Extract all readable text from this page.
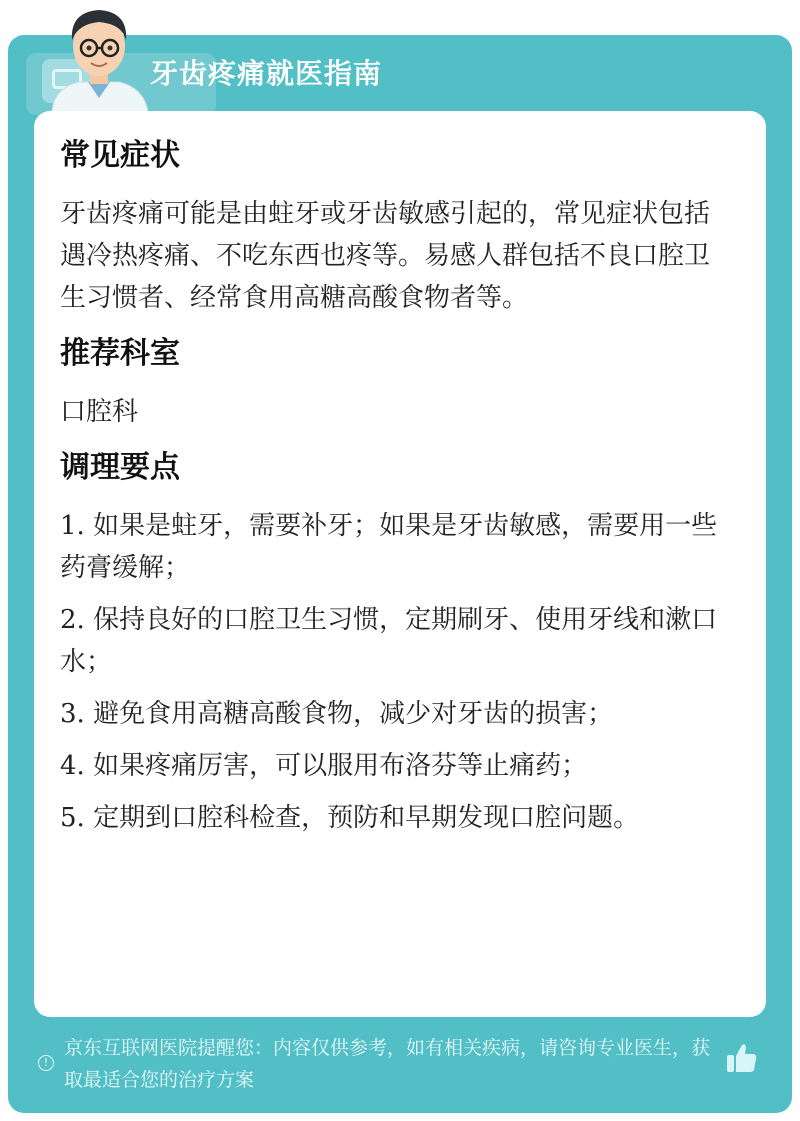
牙齿疼痛就医指南
常见症状

牙齿疼痛可能是由蛀牙或牙齿敏感引起的，常见症状包括遇冷热疼痛、不吃东西也疼等。易感人群包括不良口腔卫生习惯者、经常食用高糖高酸食物者等。

推荐科室

口腔科

调理要点

1. 如果是蛀牙，需要补牙；如果是牙齿敏感，需要用一些药膏缓解；

2. 保持良好的口腔卫生习惯，定期刷牙、使用牙线和漱口水；

3. 避免食用高糖高酸食物，减少对牙齿的损害；

4. 如果疼痛厉害，可以服用布洛芬等止痛药；

5. 定期到口腔科检查，预防和早期发现口腔问题。

!
京东互联网医院提醒您：内容仅供参考，如有相关疾病，请咨询专业医生，获取最适合您的治疗方案
